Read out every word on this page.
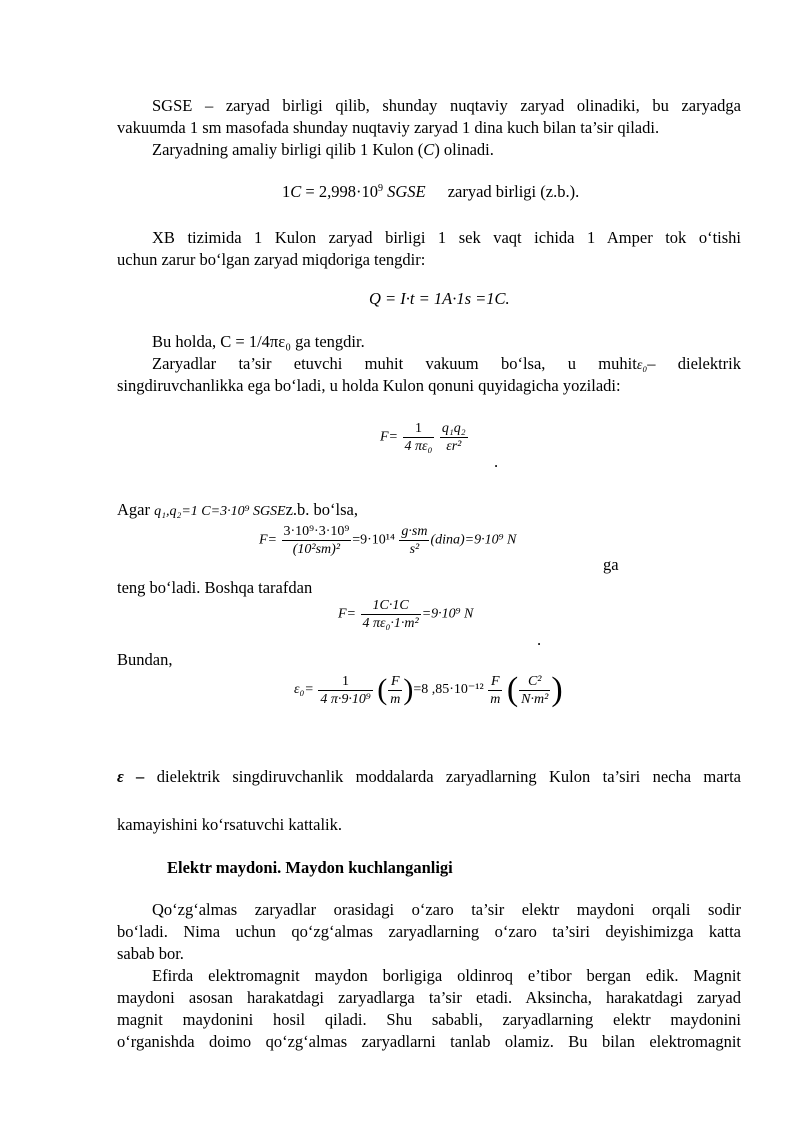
SGSE – zaryad birligi qilib, shunday nuqtaviy zaryad olinadiki, bu zaryadga
vakuumda 1 sm masofada shunday nuqtaviy zaryad 1 dina kuch bilan ta’sir qiladi.
Zaryadning amaliy birligi qilib 1 Kulon (C) olinadi.
$1C = 2,998\cdot 10^9$ SGSE zaryad birligi (z.b.).
XB tizimida 1 Kulon zaryad birligi 1 sek vaqt ichida 1 Amper tok o‘tishi
uchun zarur bo‘lgan zaryad miqdoriga tengdir:
Q = I·t = 1A·1s =1C.
Bu holda, C = 1/4πε₀ ga tengdir.
Zaryadlar ta’sir etuvchi muhit vakuum bo‘lsa, u muhitε₀– dielektrik
singdiruvchanlikka ega bo‘ladi, u holda Kulon qonuni quyidagicha yoziladi:
$F= \frac{1}{\text{4 πε₀}}$
$\frac{\text{q₁q₂}}{\text{εr²}}$
.
Agar q₁,q₂=1 C=3·10⁹ SGSEz.b. bo‘lsa,
$F= \frac{\text{3·10⁹·3·10⁹}}{\text{(10²sm)²}} =9\cdot 10^{14} \frac{g\cdot sm}{\text{s²}}$ (dina)=9·10⁹ N
ga
teng bo‘ladi. Boshqa tarafdan
$F= \frac{1C\cdot 1C}{\text{4 πε₀·1·m²}} =9\cdot 10^9$ N
.
Bundan,
$\varepsilon_0= \frac{1}{\text{4 π·9·10⁹}}$ ( $\frac{F}{m} )=8$ $,85\cdot 10^{-12} \frac{F}{m}$ ( $\frac{\text{C²}}{\text{N·m²}}$ )
ε – dielektrik singdiruvchanlik moddalarda zaryadlarning Kulon ta’siri necha marta
kamayishini ko‘rsatuvchi kattalik.
Elektr maydoni. Maydon kuchlanganligi
Qo‘zg‘almas zaryadlar orasidagi o‘zaro ta’sir elektr maydoni orqali sodir
bo‘ladi. Nima uchun qo‘zg‘almas zaryadlarning o‘zaro ta’siri deyishimizga katta
sabab bor.
Efirda elektromagnit maydon borligiga oldinroq e’tibor bergan edik. Magnit
maydoni asosan harakatdagi zaryadlarga ta’sir etadi. Aksincha, harakatdagi zaryad
magnit maydonini hosil qiladi. Shu sababli, zaryadlarning elektr maydonini
o‘rganishda doimo qo‘zg‘almas zaryadlarni tanlab olamiz. Bu bilan elektromagnit
